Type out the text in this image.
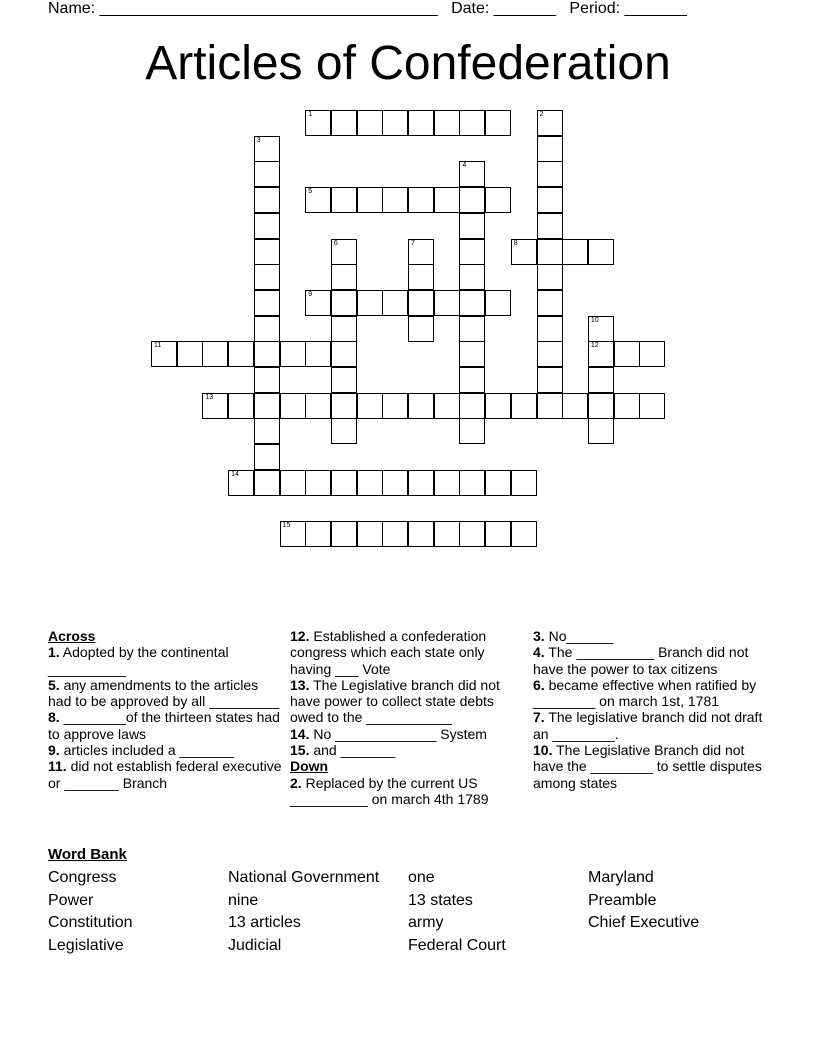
Name: ______________________________________ Date: _______ Period: _______
Articles of Confederation
1	2
3
4
5
6	7	8
9
10
12
11
13
14
15
Across
1. Adopted by the continental __________
5. any amendments to the articles had to be approved by all _________
8. ________of the thirteen states had to approve laws
9. articles included a _______
11. did not establish federal executive or _______ Branch
12. Established a confederation congress which each state only having ___ Vote
13. The Legislative branch did not have power to collect state debts owed to the ___________
14. No _____________ System
15. and _______
Down
2. Replaced by the current US __________ on march 4th 1789
3. No______
4. The __________ Branch did not have the power to tax citizens
6. became effective when ratified by ________ on march 1st, 1781
7. The legislative branch did not draft an ________.
10. The Legislative Branch did not have the ________ to settle disputes among states
Word Bank
Congress
Power
Constitution
Legislative
National Government
nine
13 articles
Judicial
one
13 states
army
Federal Court
Maryland
Preamble
Chief Executive
